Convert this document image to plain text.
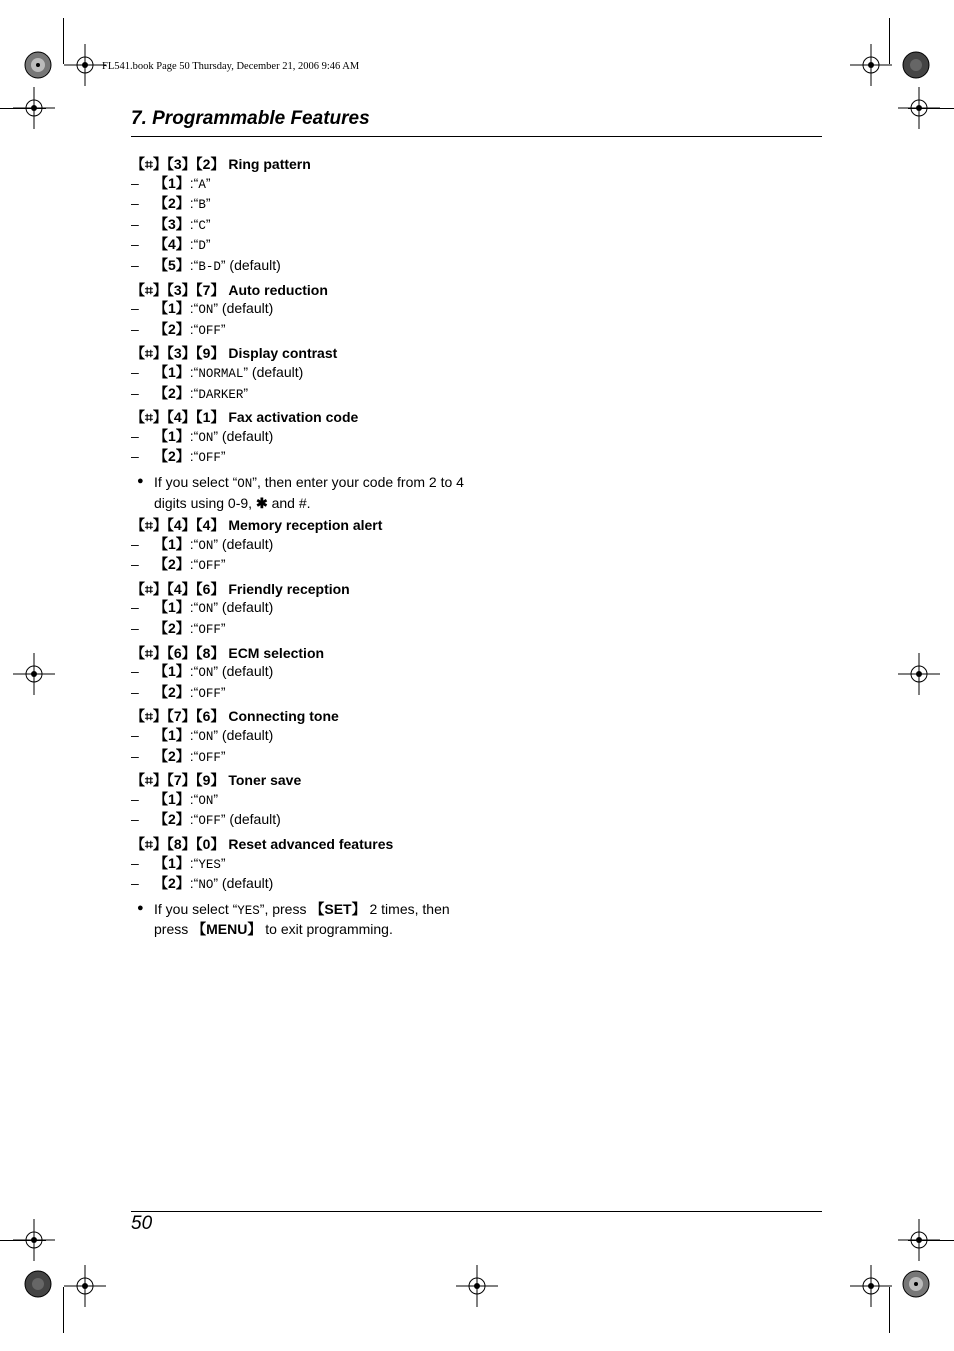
FL541.book Page 50 Thursday, December 21, 2006 9:46 AM
7. Programmable Features
【⌗】【3】【2】 Ring pattern
– 【1】:“A”
– 【2】:“B”
– 【3】:“C”
– 【4】:“D”
– 【5】:“B-D” (default)
【⌗】【3】【7】 Auto reduction
– 【1】:“ON” (default)
– 【2】:“OFF”
【⌗】【3】【9】 Display contrast
– 【1】:“NORMAL” (default)
– 【2】:“DARKER”
【⌗】【4】【1】 Fax activation code
– 【1】:“ON” (default)
– 【2】:“OFF”
● If you select “ON”, then enter your code from 2 to 4 digits using 0-9, ✱ and #.
【⌗】【4】【4】 Memory reception alert
– 【1】:“ON” (default)
– 【2】:“OFF”
【⌗】【4】【6】 Friendly reception
– 【1】:“ON” (default)
– 【2】:“OFF”
【⌗】【6】【8】 ECM selection
– 【1】:“ON” (default)
– 【2】:“OFF”
【⌗】【7】【6】 Connecting tone
– 【1】:“ON” (default)
– 【2】:“OFF”
【⌗】【7】【9】 Toner save
– 【1】:“ON”
– 【2】:“OFF” (default)
【⌗】【8】【0】 Reset advanced features
– 【1】:“YES”
– 【2】:“NO” (default)
● If you select “YES”, press 【SET】 2 times, then press 【MENU】 to exit programming.
50
